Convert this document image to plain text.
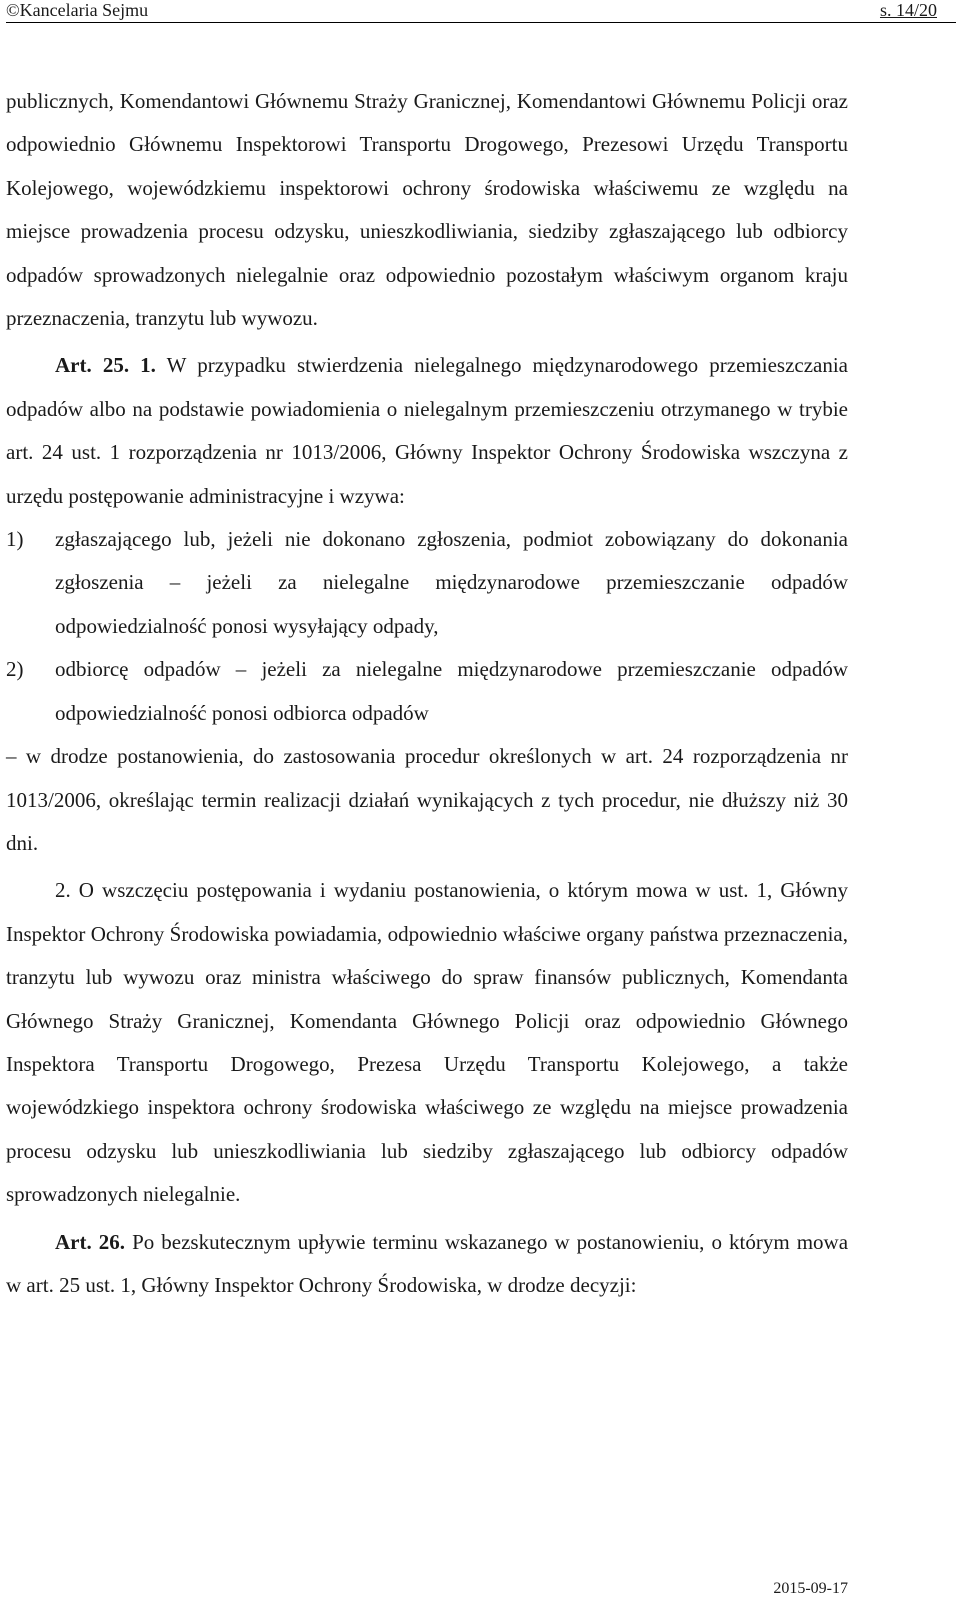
©Kancelaria Sejmu	s. 14/20

publicznych, Komendantowi Głównemu Straży Granicznej, Komendantowi Głównemu Policji oraz odpowiednio Głównemu Inspektorowi Transportu Drogowego, Prezesowi Urzędu Transportu Kolejowego, wojewódzkiemu inspektorowi ochrony środowiska właściwemu ze względu na miejsce prowadzenia procesu odzysku, unieszkodliwiania, siedziby zgłaszającego lub odbiorcy odpadów sprowadzonych nielegalnie oraz odpowiednio pozostałym właściwym organom kraju przeznaczenia, tranzytu lub wywozu.

Art. 25. 1. W przypadku stwierdzenia nielegalnego międzynarodowego przemieszczania odpadów albo na podstawie powiadomienia o nielegalnym przemieszczeniu otrzymanego w trybie art. 24 ust. 1 rozporządzenia nr 1013/2006, Główny Inspektor Ochrony Środowiska wszczyna z urzędu postępowanie administracyjne i wzywa:

1) zgłaszającego lub, jeżeli nie dokonano zgłoszenia, podmiot zobowiązany do dokonania zgłoszenia – jeżeli za nielegalne międzynarodowe przemieszczanie odpadów odpowiedzialność ponosi wysyłający odpady,
2) odbiorcę odpadów – jeżeli za nielegalne międzynarodowe przemieszczanie odpadów odpowiedzialność ponosi odbiorca odpadów

– w drodze postanowienia, do zastosowania procedur określonych w art. 24 rozporządzenia nr 1013/2006, określając termin realizacji działań wynikających z tych procedur, nie dłuższy niż 30 dni.

2. O wszczęciu postępowania i wydaniu postanowienia, o którym mowa w ust. 1, Główny Inspektor Ochrony Środowiska powiadamia, odpowiednio właściwe organy państwa przeznaczenia, tranzytu lub wywozu oraz ministra właściwego do spraw finansów publicznych, Komendanta Głównego Straży Granicznej, Komendanta Głównego Policji oraz odpowiednio Głównego Inspektora Transportu Drogowego, Prezesa Urzędu Transportu Kolejowego, a także wojewódzkiego inspektora ochrony środowiska właściwego ze względu na miejsce prowadzenia procesu odzysku lub unieszkodliwiania lub siedziby zgłaszającego lub odbiorcy odpadów sprowadzonych nielegalnie.

Art. 26. Po bezskutecznym upływie terminu wskazanego w postanowieniu, o którym mowa w art. 25 ust. 1, Główny Inspektor Ochrony Środowiska, w drodze decyzji:

2015-09-17
